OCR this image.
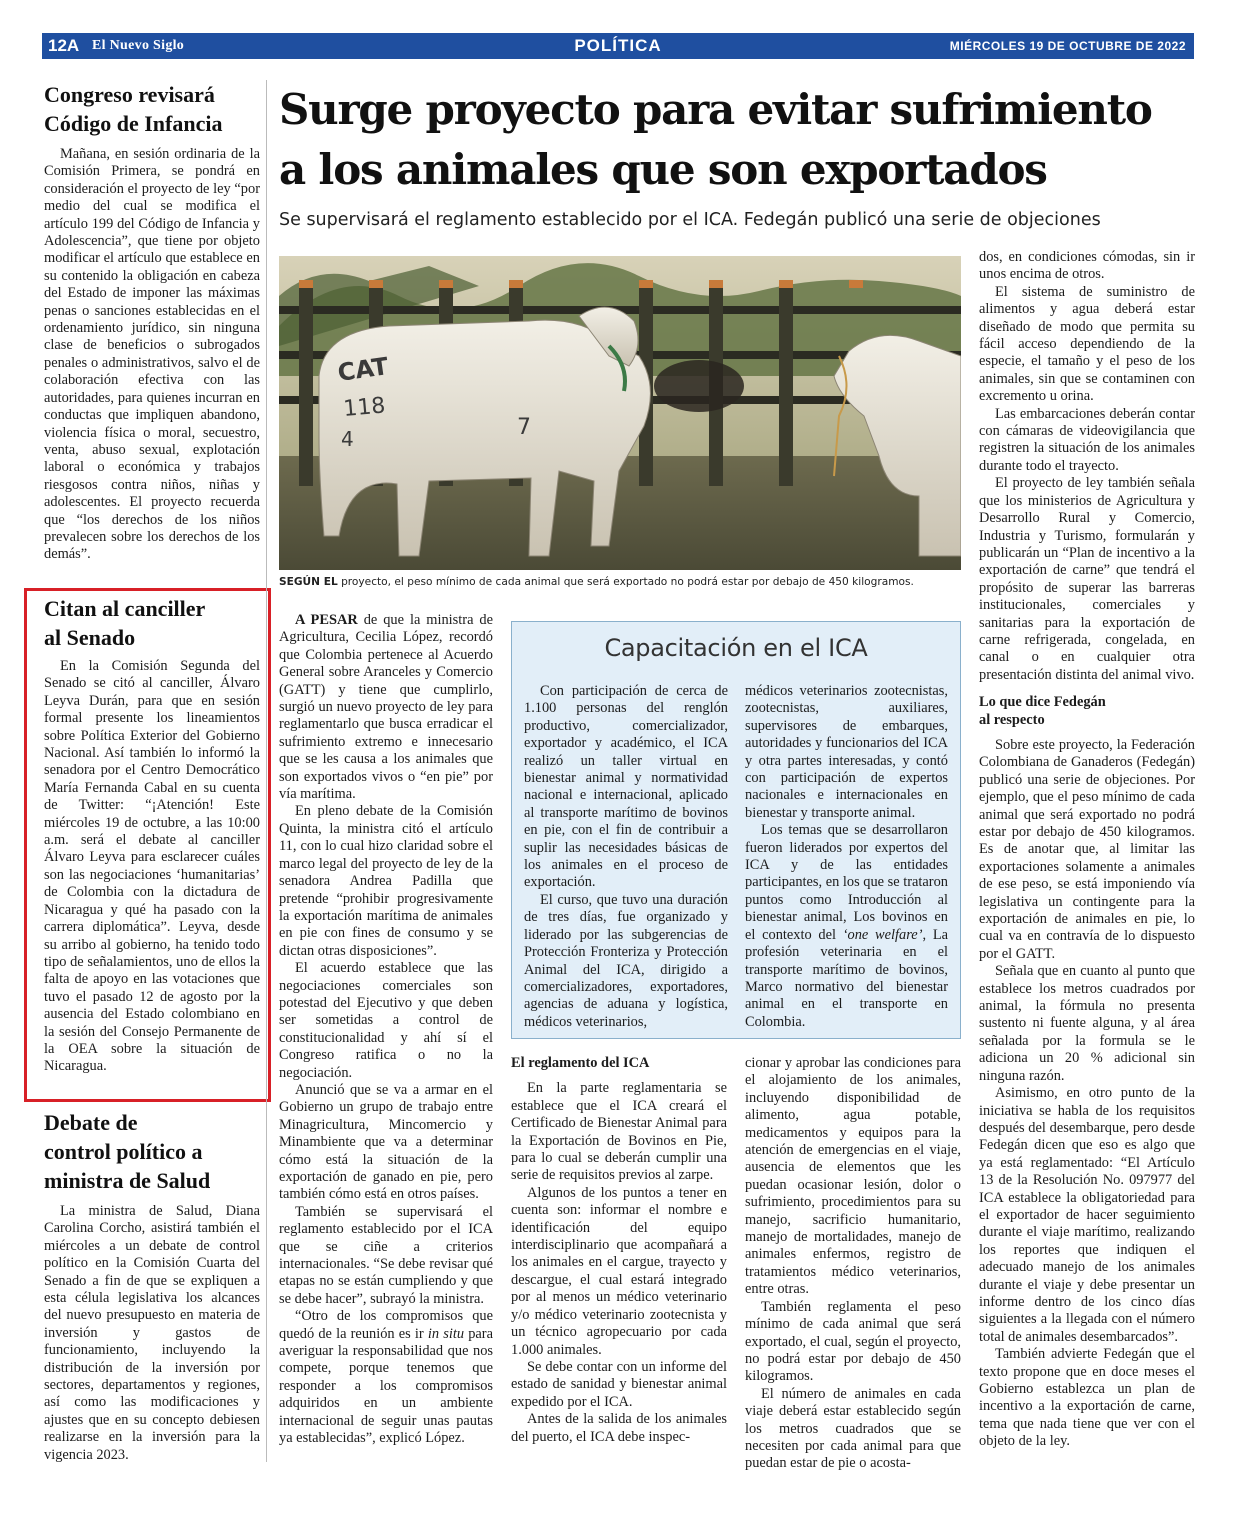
12A El Nuevo Siglo	POLÍTICA	MIÉRCOLES 19 DE OCTUBRE DE 2022
Congreso revisará
Código de Infancia

Mañana, en sesión ordinaria de la Comisión Primera, se pondrá en consideración el proyecto de ley “por medio del cual se modifica el artículo 199 del Código de Infancia y Adolescencia”, que tiene por objeto modificar el artículo que establece en su contenido la obligación en cabeza del Estado de imponer las máximas penas o sanciones establecidas en el ordenamiento jurídico, sin ninguna clase de beneficios o subrogados penales o administrativos, salvo el de colaboración efectiva con las autoridades, para quienes incurran en conductas que impliquen abandono, violencia física o moral, secuestro, venta, abuso sexual, explotación laboral o económica y trabajos riesgosos contra niños, niñas y adolescentes. El proyecto recuerda que “los derechos de los niños prevalecen sobre los derechos de los demás”.

Citan al canciller
al Senado

En la Comisión Segunda del Senado se citó al canciller, Álvaro Leyva Durán, para que en sesión formal presente los lineamientos sobre Política Exterior del Gobierno Nacional. Así también lo informó la senadora por el Centro Democrático María Fernanda Cabal en su cuenta de Twitter: “¡Atención! Este miércoles 19 de octubre, a las 10:00 a.m. será el debate al canciller Álvaro Leyva para esclarecer cuáles son las negociaciones ‘humanitarias’ de Colombia con la dictadura de Nicaragua y qué ha pasado con la carrera diplomática”. Leyva, desde su arribo al gobierno, ha tenido todo tipo de señalamientos, uno de ellos la falta de apoyo en las votaciones que tuvo el pasado 12 de agosto por la ausencia del Estado colombiano en la sesión del Consejo Permanente de la OEA sobre la situación de Nicaragua.

Debate de
control político a
ministra de Salud

La ministra de Salud, Diana Carolina Corcho, asistirá también el miércoles a un debate de control político en la Comisión Cuarta del Senado a fin de que se expliquen a esta célula legislativa los alcances del nuevo presupuesto en materia de inversión y gastos de funcionamiento, incluyendo la distribución de la inversión por sectores, departamentos y regiones, así como las modificaciones y ajustes que en su concepto debiesen realizarse en la inversión para la vigencia 2023.

Surge proyecto para evitar sufrimiento
a los animales que son exportados
Se supervisará el reglamento establecido por el ICA. Fedegán publicó una serie de objeciones
CAT
118
4	7
SEGÚN EL proyecto, el peso mínimo de cada animal que será exportado no podrá estar por debajo de 450 kilogramos.

A PESAR de que la ministra de Agricultura, Cecilia López, recordó que Colombia pertenece al Acuerdo General sobre Aranceles y Comercio (GATT) y tiene que cumplirlo, surgió un nuevo proyecto de ley para reglamentarlo que busca erradicar el sufrimiento extremo e innecesario que se les causa a los animales que son exportados vivos o “en pie” por vía marítima.

En pleno debate de la Comisión Quinta, la ministra citó el artículo 11, con lo cual hizo claridad sobre el marco legal del proyecto de ley de la senadora Andrea Padilla que pretende “prohibir progresivamente la exportación marítima de animales en pie con fines de consumo y se dictan otras disposiciones”.

El acuerdo establece que las negociaciones comerciales son potestad del Ejecutivo y que deben ser sometidas a control de constitucionalidad y ahí sí el Congreso ratifica o no la negociación.

Anunció que se va a armar en el Gobierno un grupo de trabajo entre Minagricultura, Mincomercio y Minambiente que va a determinar cómo está la situación de la exportación de ganado en pie, pero también cómo está en otros países.

También se supervisará el reglamento establecido por el ICA que se ciñe a criterios internacionales. “Se debe revisar qué etapas no se están cumpliendo y que se debe hacer”, subrayó la ministra.

“Otro de los compromisos que quedó de la reunión es ir in situ para averiguar la responsabilidad que nos compete, porque tenemos que responder a los compromisos adquiridos en un ambiente internacional de seguir unas pautas ya establecidas”, explicó López.

Capacitación en el ICA

Con participación de cerca de 1.100 personas del renglón productivo, comercializador, exportador y académico, el ICA realizó un taller virtual en bienestar animal y normatividad nacional e internacional, aplicado al transporte marítimo de bovinos en pie, con el fin de contribuir a suplir las necesidades básicas de los animales en el proceso de exportación.

El curso, que tuvo una duración de tres días, fue organizado y liderado por las subgerencias de Protección Fronteriza y Protección Animal del ICA, dirigido a comercializadores, exportadores, agencias de aduana y logística, médicos veterinarios,

médicos veterinarios zootecnistas, zootecnistas, auxiliares, supervisores de embarques, autoridades y funcionarios del ICA y otra partes interesadas, y contó con participación de expertos nacionales e internacionales en bienestar y transporte animal.

Los temas que se desarrollaron fueron liderados por expertos del ICA y de las entidades participantes, en los que se trataron puntos como Introducción al bienestar animal, Los bovinos en el contexto del ‘one welfare’, La profesión veterinaria en el transporte marítimo de bovinos, Marco normativo del bienestar animal en el transporte en Colombia.

El reglamento del ICA

En la parte reglamentaria se establece que el ICA creará el Certificado de Bienestar Animal para la Exportación de Bovinos en Pie, para lo cual se deberán cumplir una serie de requisitos previos al zarpe.

Algunos de los puntos a tener en cuenta son: informar el nombre e identificación del equipo interdisciplinario que acompañará a los animales en el cargue, trayecto y descargue, el cual estará integrado por al menos un médico veterinario y/o médico veterinario zootecnista y un técnico agropecuario por cada 1.000 animales.

Se debe contar con un informe del estado de sanidad y bienestar animal expedido por el ICA.

Antes de la salida de los animales del puerto, el ICA debe inspec-

cionar y aprobar las condiciones para el alojamiento de los animales, incluyendo disponibilidad de alimento, agua potable, medicamentos y equipos para la atención de emergencias en el viaje, ausencia de elementos que les puedan ocasionar lesión, dolor o sufrimiento, procedimientos para su manejo, sacrificio humanitario, manejo de mortalidades, manejo de animales enfermos, registro de tratamientos médico veterinarios, entre otras.

También reglamenta el peso mínimo de cada animal que será exportado, el cual, según el proyecto, no podrá estar por debajo de 450 kilogramos.

El número de animales en cada viaje deberá estar establecido según los metros cuadrados que se necesiten por cada animal para que puedan estar de pie o acosta-

dos, en condiciones cómodas, sin ir unos encima de otros.

El sistema de suministro de alimentos y agua deberá estar diseñado de modo que permita su fácil acceso dependiendo de la especie, el tamaño y el peso de los animales, sin que se contaminen con excremento u orina.

Las embarcaciones deberán contar con cámaras de videovigilancia que registren la situación de los animales durante todo el trayecto.

El proyecto de ley también señala que los ministerios de Agricultura y Desarrollo Rural y Comercio, Industria y Turismo, formularán y publicarán un “Plan de incentivo a la exportación de carne” que tendrá el propósito de superar las barreras institucionales, comerciales y sanitarias para la exportación de carne refrigerada, congelada, en canal o en cualquier otra presentación distinta del animal vivo.

Lo que dice Fedegán
al respecto

Sobre este proyecto, la Federación Colombiana de Ganaderos (Fedegán) publicó una serie de objeciones. Por ejemplo, que el peso mínimo de cada animal que será exportado no podrá estar por debajo de 450 kilogramos. Es de anotar que, al limitar las exportaciones solamente a animales de ese peso, se está imponiendo vía legislativa un contingente para la exportación de animales en pie, lo cual va en contravía de lo dispuesto por el GATT.

Señala que en cuanto al punto que establece los metros cuadrados por animal, la fórmula no presenta sustento ni fuente alguna, y al área señalada por la formula se le adiciona un 20 % adicional sin ninguna razón.

Asimismo, en otro punto de la iniciativa se habla de los requisitos después del desembarque, pero desde Fedegán dicen que eso es algo que ya está reglamentado: “El Artículo 13 de la Resolución No. 097977 del ICA establece la obligatoriedad para el exportador de hacer seguimiento durante el viaje marítimo, realizando los reportes que indiquen el adecuado manejo de los animales durante el viaje y debe presentar un informe dentro de los cinco días siguientes a la llegada con el número total de animales desembarcados”.

También advierte Fedegán que el texto propone que en doce meses el Gobierno establezca un plan de incentivo a la exportación de carne, tema que nada tiene que ver con el objeto de la ley.
